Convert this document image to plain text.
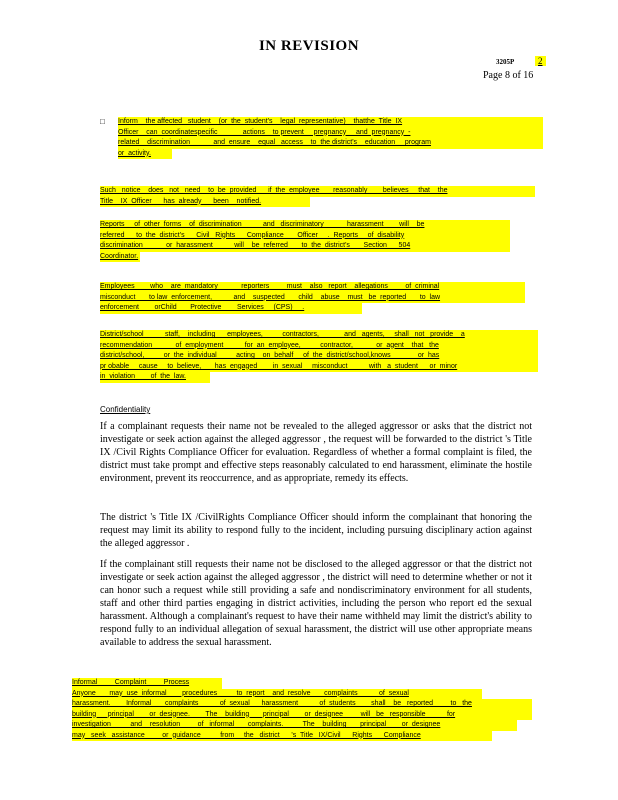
IN REVISION
3205P	2
Page 8 of 16
□ Inform    the affected   student    (or  the  student's    legal  representative)    thatthe  Title  IX
Officer    can  coordinatespecific             actions    to prevent     pregnancy     and  pregnancy  -
related    discrimination            and  ensure    equal   access    to  the district's    education     program
or  activity.
Such   notice    does   not   need    to  be  provided      if  the  employee       reasonably        believes     that    the
Title    IX  Officer      has  already      been    notified.
Reports     of  other  forms    of  discrimination           and   discriminatory            harassment        will    be
referred      to  the  district's      Civil   Rights      Compliance       Officer     .  Reports     of  disability
discrimination            or  harassment           will    be  referred       to  the  district's       Section      504
Coordinator.
Employees        who    are  mandatory            reporters         must    also   report    allegations         of  criminal
misconduct       to law  enforcement,           and    suspected       child    abuse    must   be  reported       to  law
enforcement        orChild       Protective        Services     (CPS)     .
District/school           staff,    including      employees,          contractors,             and   agents,     shall   not   provide    a
recommendation            of  employment           for  an  employee,          contractor,            or  agent    that   the
district/school,          or  the  individual          acting    on  behalf     of  the  district/school,knows              or  has
pr obable     cause     to  believe,       has  engaged        in  sexual     misconduct           with   a  student      or  minor
in  violation        of  the  law.
Confidentiality
If a complainant requests their name not be revealed to the alleged aggressor or asks that the district not investigate or seek action against the alleged aggressor , the request will be forwarded to the district 's Title IX /Civil Rights Compliance Officer for evaluation. Regardless of whether a formal complaint is filed, the district must take prompt and effective steps reasonably calculated to end harassment, eliminate the hostile environment, prevent its reoccurrence, and as appropriate, remedy its effects.
The district 's Title IX /CivilRights Compliance Officer should inform the complainant that honoring the request may limit its ability to respond fully to the incident, including pursuing disciplinary action against the alleged aggressor .
If the complainant still requests their name not be disclosed to the alleged aggressor or that the district not investigate or seek action against the alleged aggressor , the district will need to determine whether or not it can honor such a request while still providing a safe and nondiscriminatory environment for all students, staff and other third parties engaging in district activities, including the person who report ed the sexual harassment. Although a complainant's request to have their name withheld may limit the district's ability to respond fully to an individual allegation of sexual harassment, the district will use other appropriate means available to address the sexual harassment.
Informal         Complaint         Process
Anyone       may  use  informal        procedures          to  report    and  resolve       complaints           of  sexual
harassment.        Informal       complaints           of  sexual      harassment           of  students        shall    be   reported         to   the
building      principal        or  designee.        The    building       principal        or  designee         will   be   responsible           for
investigation          and    resolution         of   informal       complaints.          The    building       principal        or  designee
may   seek   assistance         or  guidance          from     the   district      's  Title   IX/Civil      Rights      Compliance
